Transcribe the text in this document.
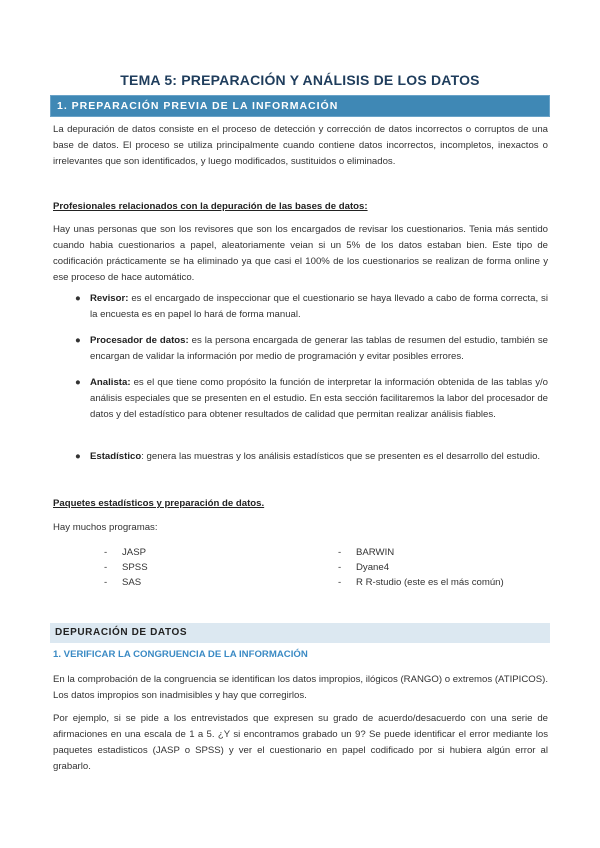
TEMA 5: PREPARACIÓN Y ANÁLISIS DE LOS DATOS
1. PREPARACIÓN PREVIA DE LA INFORMACIÓN
La depuración de datos consiste en el proceso de detección y corrección de datos incorrectos o corruptos de una base de datos. El proceso se utiliza principalmente cuando contiene datos incorrectos, incompletos, inexactos o irrelevantes que son identificados, y luego modificados, sustituidos o eliminados.
Profesionales relacionados con la depuración de las bases de datos:
Hay unas personas que son los revisores que son los encargados de revisar los cuestionarios. Tenia más sentido cuando habia cuestionarios a papel, aleatoriamente veian si un 5% de los datos estaban bien. Este tipo de codificación prácticamente se ha eliminado ya que casi el 100% de los cuestionarios se realizan de forma online y ese proceso de hace automático.
● Revisor: es el encargado de inspeccionar que el cuestionario se haya llevado a cabo de forma correcta, si la encuesta es en papel lo hará de forma manual.
● Procesador de datos: es la persona encargada de generar las tablas de resumen del estudio, también se encargan de validar la información por medio de programación y evitar posibles errores.
● Analista: es el que tiene como propósito la función de interpretar la información obtenida de las tablas y/o análisis especiales que se presenten en el estudio. En esta sección facilitaremos la labor del procesador de datos y del estadístico para obtener resultados de calidad que permitan realizar análisis fiables.
● Estadístico: genera las muestras y los análisis estadísticos que se presenten es el desarrollo del estudio.
Paquetes estadísticos y preparación de datos.
Hay muchos programas:
- JASP
- SPSS
- SAS
- BARWIN
- Dyane4
- R R-studio (este es el más común)
DEPURACIÓN DE DATOS
1. VERIFICAR LA CONGRUENCIA DE LA INFORMACIÓN
En la comprobación de la congruencia se identifican los datos impropios, ilógicos (RANGO) o extremos (ATIPICOS). Los datos impropios son inadmisibles y hay que corregirlos.
Por ejemplo, si se pide a los entrevistados que expresen su grado de acuerdo/desacuerdo con una serie de afirmaciones en una escala de 1 a 5. ¿Y si encontramos grabado un 9? Se puede identificar el error mediante los paquetes estadisticos (JASP o SPSS) y ver el cuestionario en papel codificado por si hubiera algún error al grabarlo.
